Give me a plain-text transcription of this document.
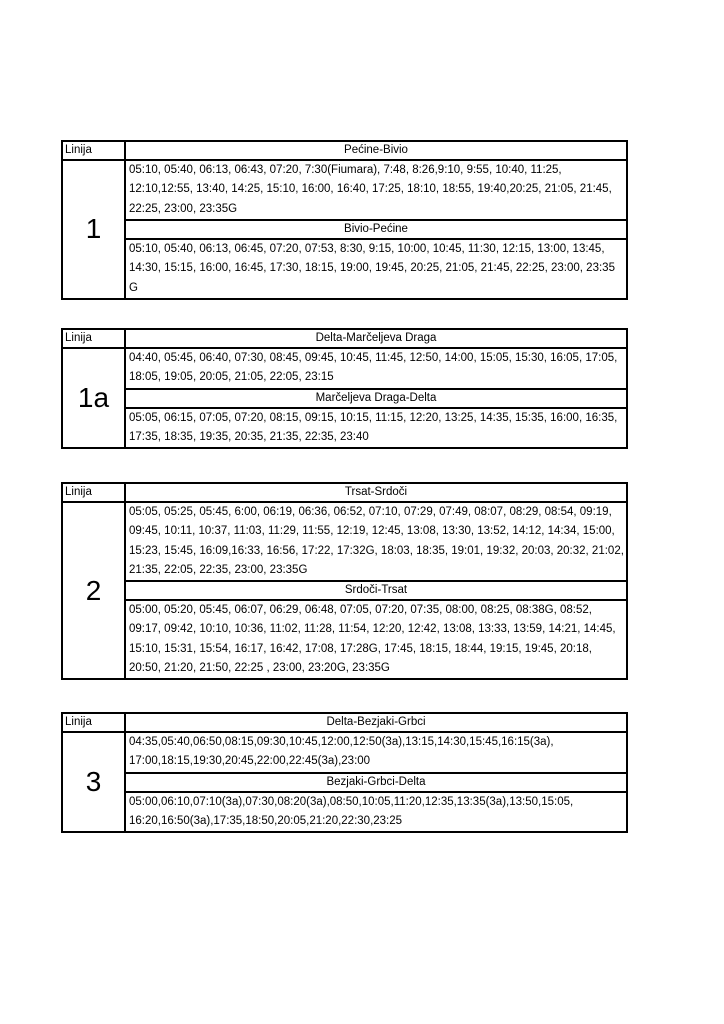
Linija	Pećine-Bivio
1	05:10, 05:40, 06:13, 06:43, 07:20, 7:30(Fiumara), 7:48, 8:26,9:10, 9:55, 10:40, 11:25, 12:10,12:55, 13:40, 14:25, 15:10, 16:00, 16:40, 17:25, 18:10, 18:55, 19:40,20:25, 21:05, 21:45, 22:25, 23:00, 23:35G
	Bivio-Pećine
	05:10, 05:40, 06:13, 06:45, 07:20, 07:53, 8:30, 9:15, 10:00, 10:45, 11:30, 12:15, 13:00, 13:45, 14:30, 15:15, 16:00, 16:45, 17:30, 18:15, 19:00, 19:45, 20:25, 21:05, 21:45, 22:25, 23:00, 23:35 G
Linija	Delta-Marčeljeva Draga
1a	04:40, 05:45, 06:40, 07:30, 08:45, 09:45, 10:45, 11:45, 12:50, 14:00, 15:05, 15:30, 16:05, 17:05, 18:05, 19:05, 20:05, 21:05, 22:05, 23:15
	Marčeljeva Draga-Delta
	05:05, 06:15, 07:05, 07:20, 08:15, 09:15, 10:15, 11:15, 12:20, 13:25, 14:35, 15:35, 16:00, 16:35, 17:35, 18:35, 19:35, 20:35, 21:35, 22:35, 23:40
Linija	Trsat-Srdoči
2	05:05, 05:25, 05:45, 6:00, 06:19, 06:36, 06:52, 07:10, 07:29, 07:49, 08:07, 08:29, 08:54, 09:19, 09:45, 10:11, 10:37, 11:03, 11:29, 11:55, 12:19, 12:45, 13:08, 13:30, 13:52, 14:12, 14:34, 15:00, 15:23, 15:45, 16:09,16:33, 16:56, 17:22, 17:32G, 18:03, 18:35, 19:01, 19:32, 20:03, 20:32, 21:02, 21:35, 22:05, 22:35, 23:00, 23:35G
	Srdoči-Trsat
	05:00, 05:20, 05:45, 06:07, 06:29, 06:48, 07:05, 07:20, 07:35, 08:00, 08:25, 08:38G, 08:52, 09:17, 09:42, 10:10, 10:36, 11:02, 11:28, 11:54, 12:20, 12:42, 13:08, 13:33, 13:59, 14:21, 14:45, 15:10, 15:31, 15:54, 16:17, 16:42, 17:08, 17:28G, 17:45, 18:15, 18:44, 19:15, 19:45, 20:18, 20:50, 21:20, 21:50, 22:25 , 23:00, 23:20G, 23:35G
Linija	Delta-Bezjaki-Grbci
3	04:35,05:40,06:50,08:15,09:30,10:45,12:00,12:50(3a),13:15,14:30,15:45,16:15(3a), 17:00,18:15,19:30,20:45,22:00,22:45(3a),23:00
	Bezjaki-Grbci-Delta
	05:00,06:10,07:10(3a),07:30,08:20(3a),08:50,10:05,11:20,12:35,13:35(3a),13:50,15:05, 16:20,16:50(3a),17:35,18:50,20:05,21:20,22:30,23:25
